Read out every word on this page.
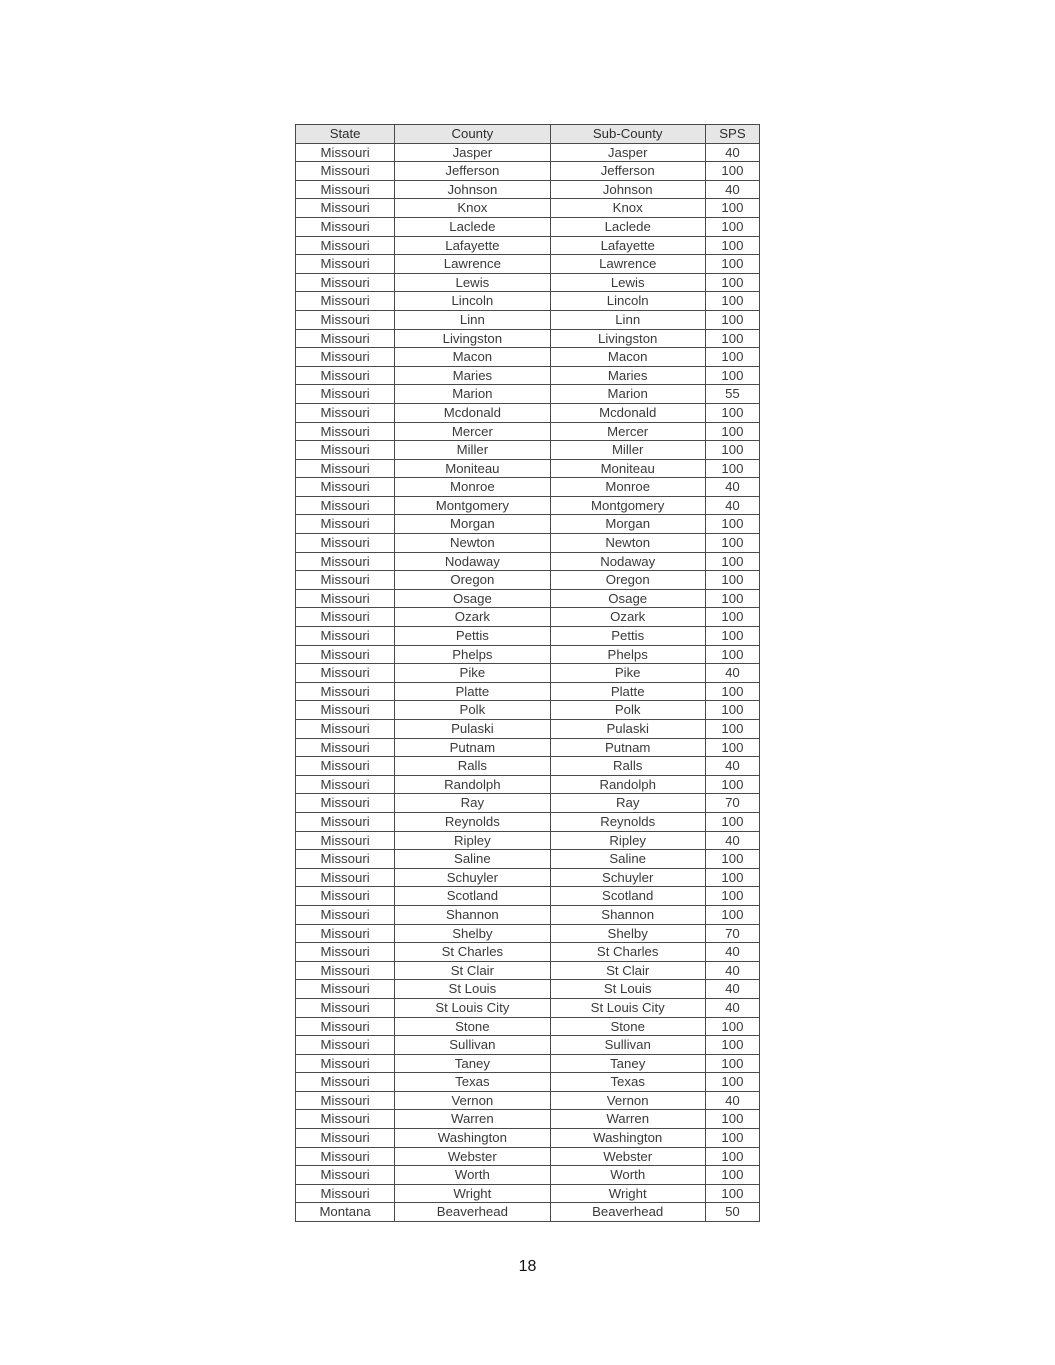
State	County	Sub-County	SPS
Missouri	Jasper	Jasper	40
Missouri	Jefferson	Jefferson	100
Missouri	Johnson	Johnson	40
Missouri	Knox	Knox	100
Missouri	Laclede	Laclede	100
Missouri	Lafayette	Lafayette	100
Missouri	Lawrence	Lawrence	100
Missouri	Lewis	Lewis	100
Missouri	Lincoln	Lincoln	100
Missouri	Linn	Linn	100
Missouri	Livingston	Livingston	100
Missouri	Macon	Macon	100
Missouri	Maries	Maries	100
Missouri	Marion	Marion	55
Missouri	Mcdonald	Mcdonald	100
Missouri	Mercer	Mercer	100
Missouri	Miller	Miller	100
Missouri	Moniteau	Moniteau	100
Missouri	Monroe	Monroe	40
Missouri	Montgomery	Montgomery	40
Missouri	Morgan	Morgan	100
Missouri	Newton	Newton	100
Missouri	Nodaway	Nodaway	100
Missouri	Oregon	Oregon	100
Missouri	Osage	Osage	100
Missouri	Ozark	Ozark	100
Missouri	Pettis	Pettis	100
Missouri	Phelps	Phelps	100
Missouri	Pike	Pike	40
Missouri	Platte	Platte	100
Missouri	Polk	Polk	100
Missouri	Pulaski	Pulaski	100
Missouri	Putnam	Putnam	100
Missouri	Ralls	Ralls	40
Missouri	Randolph	Randolph	100
Missouri	Ray	Ray	70
Missouri	Reynolds	Reynolds	100
Missouri	Ripley	Ripley	40
Missouri	Saline	Saline	100
Missouri	Schuyler	Schuyler	100
Missouri	Scotland	Scotland	100
Missouri	Shannon	Shannon	100
Missouri	Shelby	Shelby	70
Missouri	St Charles	St Charles	40
Missouri	St Clair	St Clair	40
Missouri	St Louis	St Louis	40
Missouri	St Louis City	St Louis City	40
Missouri	Stone	Stone	100
Missouri	Sullivan	Sullivan	100
Missouri	Taney	Taney	100
Missouri	Texas	Texas	100
Missouri	Vernon	Vernon	40
Missouri	Warren	Warren	100
Missouri	Washington	Washington	100
Missouri	Webster	Webster	100
Missouri	Worth	Worth	100
Missouri	Wright	Wright	100
Montana	Beaverhead	Beaverhead	50
18
